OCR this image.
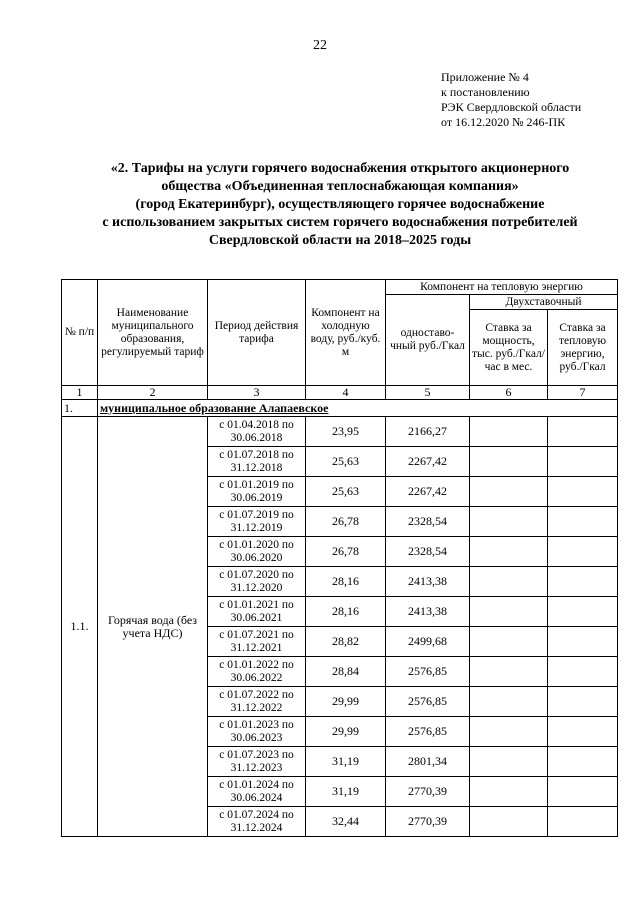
22
Приложение № 4
к постановлению
РЭК Свердловской области
от 16.12.2020 № 246-ПК
«2. Тарифы на услуги горячего водоснабжения открытого акционерного
общества «Объединенная теплоснабжающая компания»
(город Екатеринбург), осуществляющего горячее водоснабжение
с использованием закрытых систем горячего водоснабжения потребителей
Свердловской области на 2018–2025 годы
№ п/п	Наименование муниципального образования, регулируемый тариф	Период действия тарифа	Компонент на холодную воду, руб./куб. м	Компонент на тепловую энергию		
				одноставо-чный руб./Гкал	Двухставочный	
					Ставка за мощность, тыс. руб./Гкал/час в мес.	Ставка за тепловую энергию, руб./Гкал
1	2	3	4	5	6	7
1.	муниципальное образование Алапаевское					
1.1.	Горячая вода (без учета НДС)	с 01.04.2018 по 30.06.2018	23,95	2166,27		
		с 01.07.2018 по 31.12.2018	25,63	2267,42		
		с 01.01.2019 по 30.06.2019	25,63	2267,42		
		с 01.07.2019 по 31.12.2019	26,78	2328,54		
		с 01.01.2020 по 30.06.2020	26,78	2328,54		
		с 01.07.2020 по 31.12.2020	28,16	2413,38		
		с 01.01.2021 по 30.06.2021	28,16	2413,38		
		с 01.07.2021 по 31.12.2021	28,82	2499,68		
		с 01.01.2022 по 30.06.2022	28,84	2576,85		
		с 01.07.2022 по 31.12.2022	29,99	2576,85		
		с 01.01.2023 по 30.06.2023	29,99	2576,85		
		с 01.07.2023 по 31.12.2023	31,19	2801,34		
		с 01.01.2024 по 30.06.2024	31,19	2770,39		
		с 01.07.2024 по 31.12.2024	32,44	2770,39		
